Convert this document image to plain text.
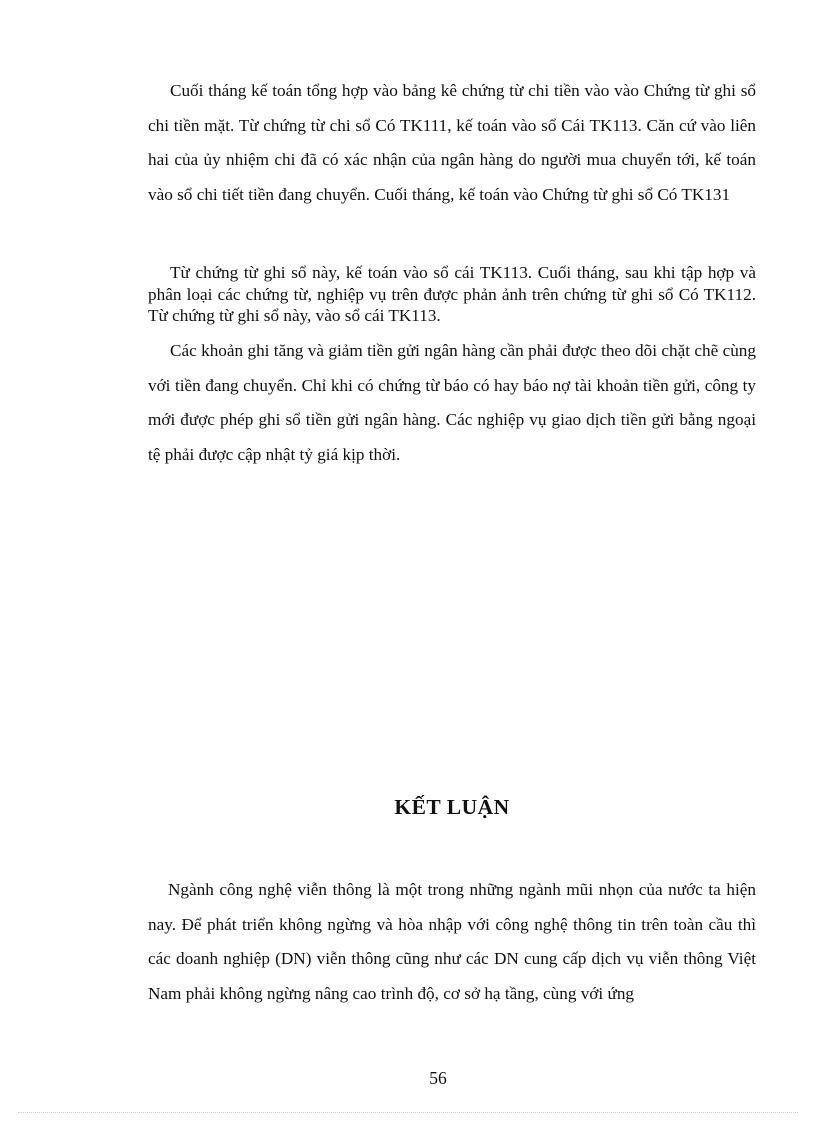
Cuối tháng kế toán tổng hợp vào bảng kê chứng từ chi tiền vào vào Chứng từ ghi sổ chi tiền mặt. Từ chứng từ chi sổ Có TK111, kế toán vào sổ Cái TK113. Căn cứ vào liên hai của ủy nhiệm chi đã có xác nhận của ngân hàng do người mua chuyển tới, kế toán vào sổ chi tiết tiền đang chuyển. Cuối tháng, kế toán vào Chứng từ ghi sổ Có TK131

Từ chứng từ ghi sổ này, kế toán vào sổ cái TK113. Cuối tháng, sau khi tập hợp và phân loại các chứng từ, nghiệp vụ trên được phản ảnh trên chứng từ ghi sổ Có TK112. Từ chứng từ ghi sổ này, vào sổ cái TK113.

Các khoản ghi tăng và giảm tiền gửi ngân hàng cần phải được theo dõi chặt chẽ cùng với tiền đang chuyển. Chỉ khi có chứng từ báo có hay báo nợ tài khoản tiền gửi, công ty mới được phép ghi sổ tiền gửi ngân hàng. Các nghiệp vụ giao dịch tiền gửi bằng ngoại tệ phải được cập nhật tỷ giá kịp thời.

KẾT LUẬN

Ngành công nghệ viễn thông là một trong những ngành mũi nhọn của nước ta hiện nay. Để phát triển không ngừng và hòa nhập với công nghệ thông tin trên toàn cầu thì các doanh nghiệp (DN) viễn thông cũng như các DN cung cấp dịch vụ viễn thông Việt Nam phải không ngừng nâng cao trình độ, cơ sở hạ tầng, cùng với ứng

56
